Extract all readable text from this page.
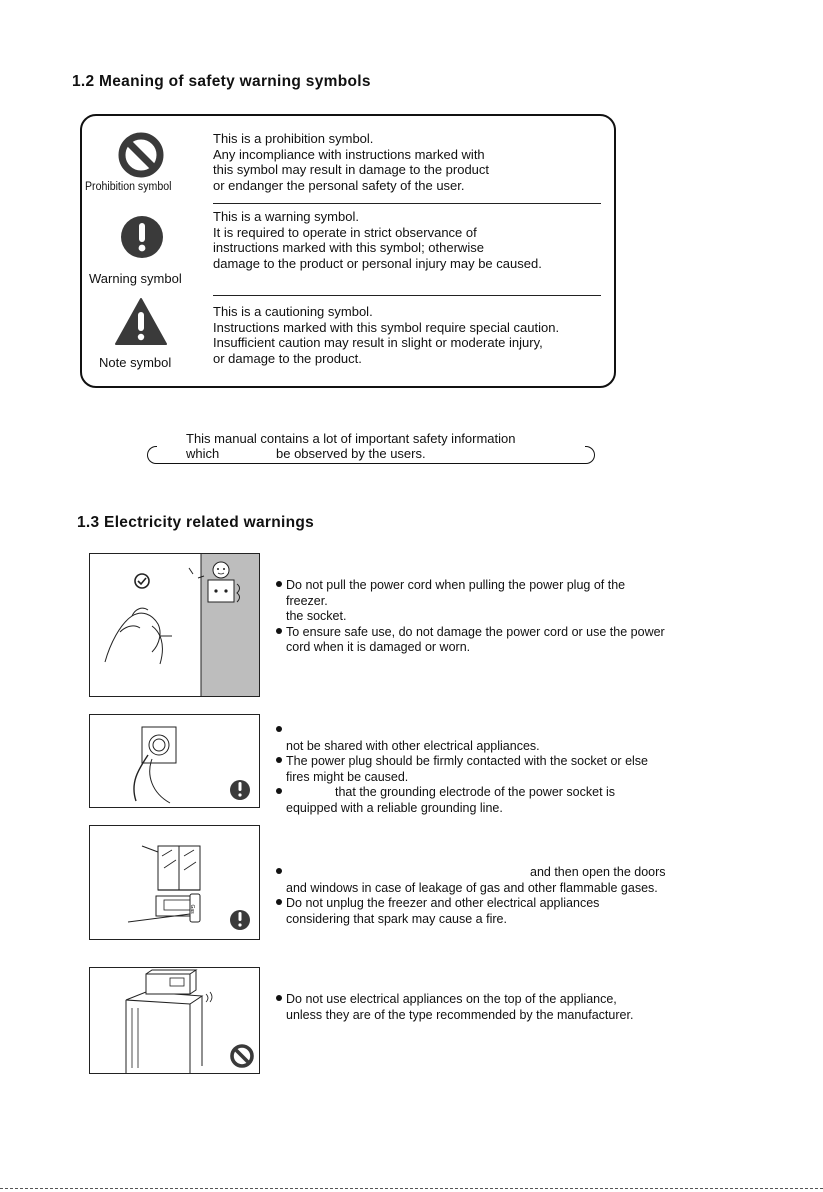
1.2 Meaning of safety warning symbols
Prohibition symbol
This is a prohibition symbol.
Any incompliance with instructions marked with
this symbol may result in damage to the product
or endanger the personal safety of the user.
Warning symbol
This is a warning symbol.
It is required to operate in strict observance of
instructions marked with this symbol; otherwise
damage to the product or personal injury may be caused.
Note symbol
This is a cautioning symbol.
Instructions marked with this symbol require special caution.
Insufficient caution may result in slight or moderate injury,
or damage to the product.
This manual contains a lot of important safety information
which	be observed by the users.
1.3 Electricity related warnings
Do not pull the power cord when pulling the power plug of the
freezer.
the socket.
To ensure safe use, do not damage the power cord or use the power
cord when it is damaged or worn.
not be shared with other electrical appliances.
The power plug should be firmly contacted with the socket or else
fires might be caused.
that the grounding electrode of the power socket is
equipped with a reliable grounding line.
Gas
and then open the doors
and windows in case of leakage of gas and other flammable gases.
Do not unplug the freezer and other electrical appliances
considering that spark may cause a fire.
Do not use electrical appliances on the top of the appliance,
unless they are of the type recommended by the manufacturer.
